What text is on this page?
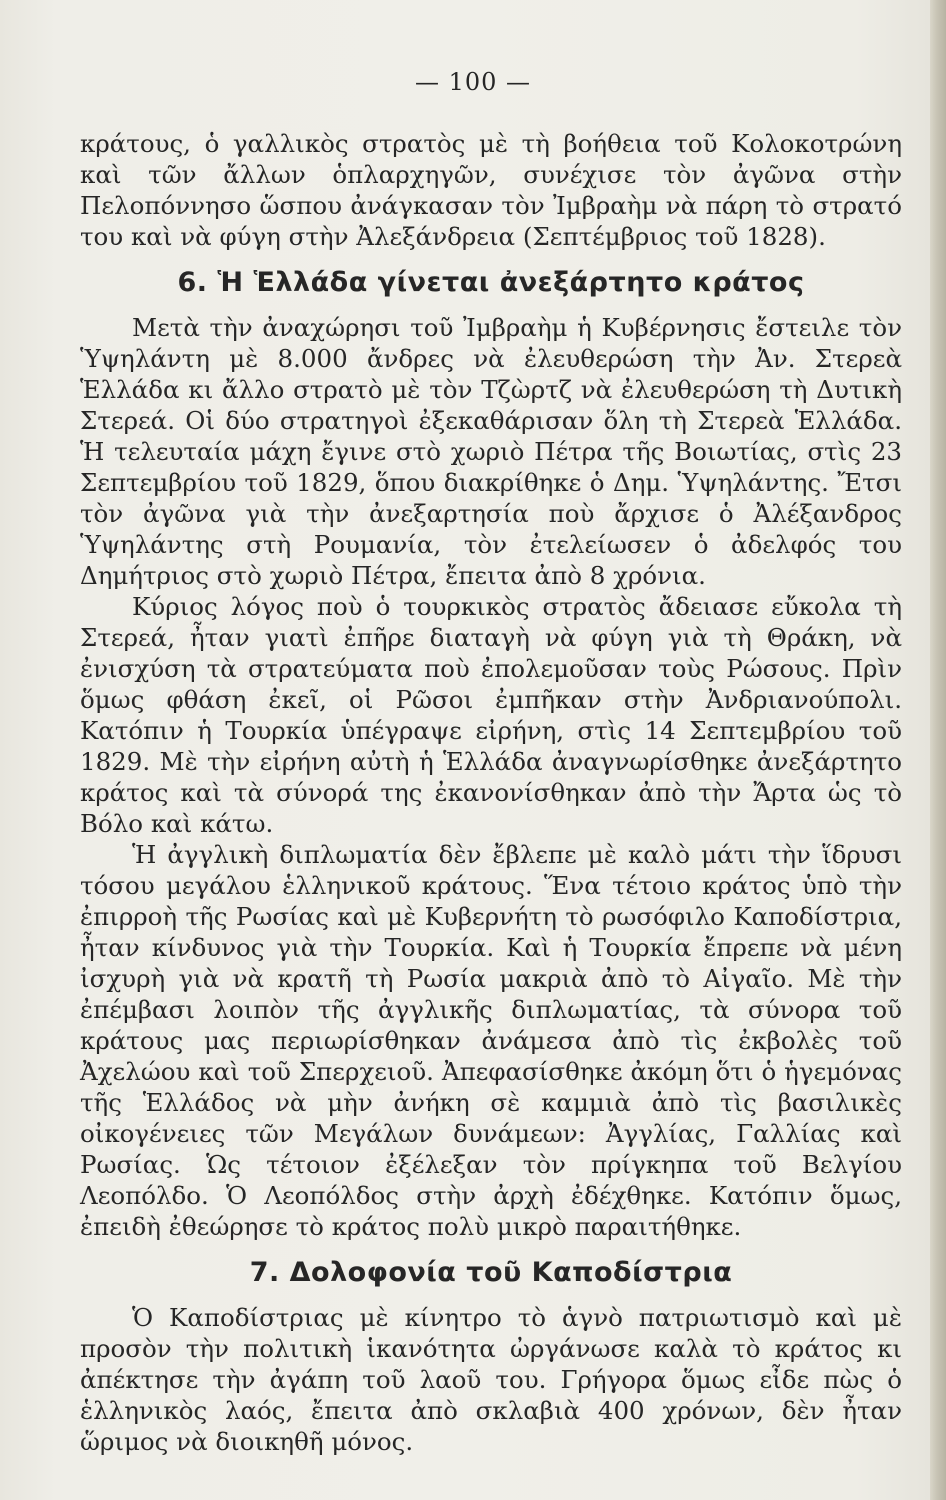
— 100 —

κράτους, ὁ γαλλικὸς στρατὸς μὲ τὴ βοήθεια τοῦ Κολοκοτρώνη καὶ τῶν ἄλλων ὁπλαρχηγῶν, συνέχισε τὸν ἀγῶνα στὴν Πελοπόννησο ὥσπου ἀνάγκασαν τὸν Ἰμβραὴμ νὰ πάρη τὸ στρατό του καὶ νὰ φύγη στὴν Ἀλεξάνδρεια (Σεπτέμβριος τοῦ 1828).

6. Ἡ Ἑλλάδα γίνεται ἀνεξάρτητο κράτος

Μετὰ τὴν ἀναχώρησι τοῦ Ἰμβραὴμ ἡ Κυβέρνησις ἔστειλε τὸν Ὑψηλάντη μὲ 8.000 ἄνδρες νὰ ἐλευθερώση τὴν Ἀν. Στερεὰ Ἑλλάδα κι ἄλλο στρατὸ μὲ τὸν Τζὼρτζ νὰ ἐλευθερώση τὴ Δυτικὴ Στερεά. Οἱ δύο στρατηγοὶ ἐξεκαθάρισαν ὅλη τὴ Στερεὰ Ἑλλάδα. Ἡ τελευταία μάχη ἔγινε στὸ χωριὸ Πέτρα τῆς Βοιωτίας, στὶς 23 Σεπτεμβρίου τοῦ 1829, ὅπου διακρίθηκε ὁ Δημ. Ὑψηλάντης. Ἔτσι τὸν ἀγῶνα γιὰ τὴν ἀνεξαρτησία ποὺ ἄρχισε ὁ Ἀλέξανδρος Ὑψηλάντης στὴ Ρουμανία, τὸν ἐτελείωσεν ὁ ἀδελφός του Δημήτριος στὸ χωριὸ Πέτρα, ἔπειτα ἀπὸ 8 χρόνια.

Κύριος λόγος ποὺ ὁ τουρκικὸς στρατὸς ἄδειασε εὔκολα τὴ Στερεά, ἦταν γιατὶ ἐπῆρε διαταγὴ νὰ φύγη γιὰ τὴ Θράκη, νὰ ἐνισχύση τὰ στρατεύματα ποὺ ἐπολεμοῦσαν τοὺς Ρώσους. Πρὶν ὅμως φθάση ἐκεῖ, οἱ Ρῶσοι ἐμπῆκαν στὴν Ἀνδριανούπολι. Κατόπιν ἡ Τουρκία ὑπέγραψε εἰρήνη, στὶς 14 Σεπτεμβρίου τοῦ 1829. Μὲ τὴν εἰρήνη αὐτὴ ἡ Ἑλλάδα ἀναγνωρίσθηκε ἀνεξάρτητο κράτος καὶ τὰ σύνορά της ἐκανονίσθηκαν ἀπὸ τὴν Ἄρτα ὡς τὸ Βόλο καὶ κάτω.

Ἡ ἀγγλικὴ διπλωματία δὲν ἔβλεπε μὲ καλὸ μάτι τὴν ἵδρυσι τόσου μεγάλου ἑλληνικοῦ κράτους. Ἕνα τέτοιο κράτος ὑπὸ τὴν ἐπιρροὴ τῆς Ρωσίας καὶ μὲ Κυβερνήτη τὸ ρωσόφιλο Καποδίστρια, ἦταν κίνδυνος γιὰ τὴν Τουρκία. Καὶ ἡ Τουρκία ἔπρεπε νὰ μένη ἰσχυρὴ γιὰ νὰ κρατῆ τὴ Ρωσία μακριὰ ἀπὸ τὸ Αἰγαῖο. Μὲ τὴν ἐπέμβασι λοιπὸν τῆς ἀγγλικῆς διπλωματίας, τὰ σύνορα τοῦ κράτους μας περιωρίσθηκαν ἀνάμεσα ἀπὸ τὶς ἐκβολὲς τοῦ Ἀχελώου καὶ τοῦ Σπερχειοῦ. Ἀπεφασίσθηκε ἀκόμη ὅτι ὁ ἡγεμόνας τῆς Ἑλλάδος νὰ μὴν ἀνήκη σὲ καμμιὰ ἀπὸ τὶς βασιλικὲς οἰκογένειες τῶν Μεγάλων δυνάμεων: Ἀγγλίας, Γαλλίας καὶ Ρωσίας. Ὡς τέτοιον ἐξέλεξαν τὸν πρίγκηπα τοῦ Βελγίου Λεοπόλδο. Ὁ Λεοπόλδος στὴν ἀρχὴ ἐδέχθηκε. Κατόπιν ὅμως, ἐπειδὴ ἐθεώρησε τὸ κράτος πολὺ μικρὸ παραιτήθηκε.

7. Δολοφονία τοῦ Καποδίστρια

Ὁ Καποδίστριας μὲ κίνητρο τὸ ἁγνὸ πατριωτισμὸ καὶ μὲ προσὸν τὴν πολιτικὴ ἱκανότητα ὠργάνωσε καλὰ τὸ κράτος κι ἀπέκτησε τὴν ἀγάπη τοῦ λαοῦ του. Γρήγορα ὅμως εἶδε πὼς ὁ ἑλληνικὸς λαός, ἔπειτα ἀπὸ σκλαβιὰ 400 χρόνων, δὲν ἦταν ὥριμος νὰ διοικηθῆ μόνος.
